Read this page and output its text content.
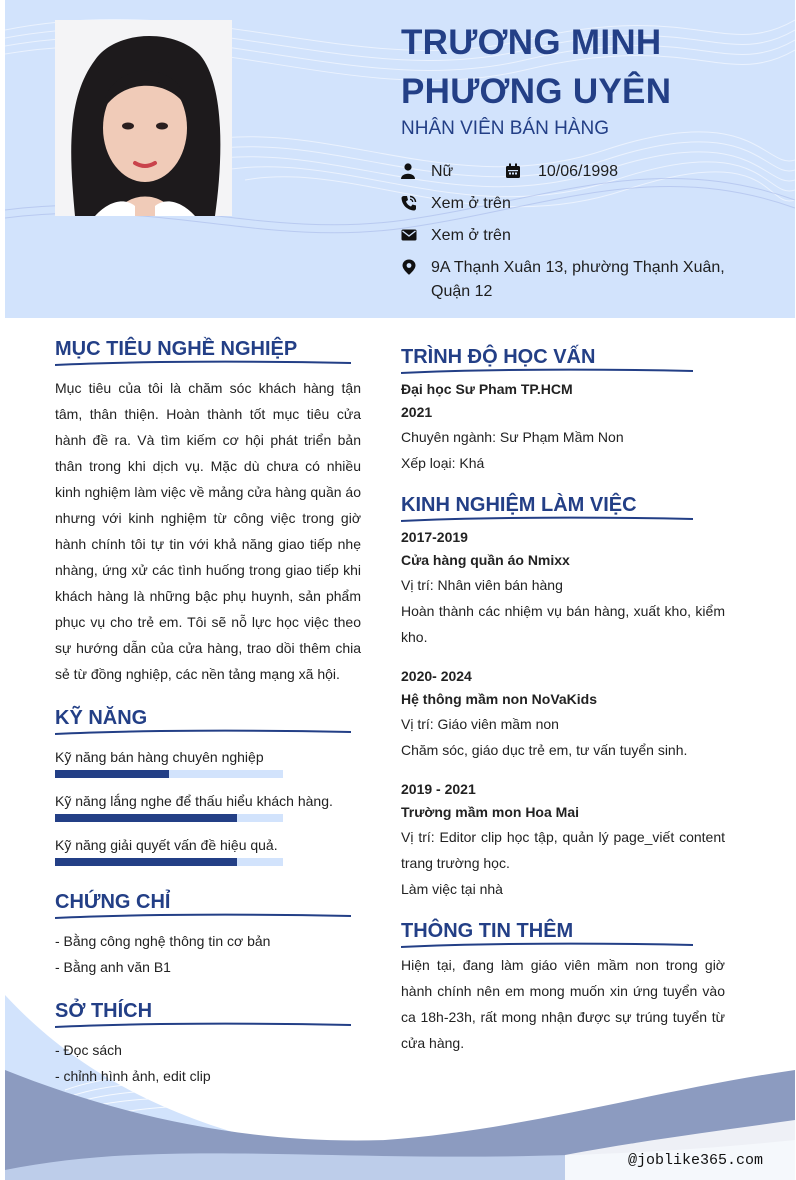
TRƯƠNG MINH PHƯƠNG UYÊN
NHÂN VIÊN BÁN HÀNG
Nữ	10/06/1998
Xem ở trên
Xem ở trên
9A Thạnh Xuân 13, phường Thạnh Xuân, Quận 12
MỤC TIÊU NGHỀ NGHIỆP

Mục tiêu của tôi là chăm sóc khách hàng tận tâm, thân thiện. Hoàn thành tốt mục tiêu cửa hành đề ra. Và tìm kiếm cơ hội phát triển bản thân trong khi dịch vụ. Mặc dù chưa có nhiều kinh nghiệm làm việc về mảng cửa hàng quần áo nhưng với kinh nghiệm từ công việc trong giờ hành chính tôi tự tin với khả năng giao tiếp nhẹ nhàng, ứng xử các tình huống trong giao tiếp khi khách hàng là những bậc phụ huynh, sản phẩm phục vụ cho trẻ em. Tôi sẽ nỗ lực học việc theo sự hướng dẫn của cửa hàng, trao dồi thêm chia sẻ từ đồng nghiệp, các nền tảng mạng xã hội.

KỸ NĂNG
Kỹ năng bán hàng chuyên nghiệp
Kỹ năng lắng nghe để thấu hiểu khách hàng.
Kỹ năng giải quyết vấn đề hiệu quả.
CHỨNG CHỈ
- Bằng công nghệ thông tin cơ bản
- Bằng anh văn B1
SỞ THÍCH
- Đọc sách
- chỉnh hình ảnh, edit clip
TRÌNH ĐỘ HỌC VẤN
Đại học Sư Pham TP.HCM
2021
Chuyên ngành: Sư Phạm Mầm Non
Xếp loại: Khá
KINH NGHIỆM LÀM VIỆC
2017-2019
Cửa hàng quần áo Nmixx
Vị trí: Nhân viên bán hàng

Hoàn thành các nhiệm vụ bán hàng, xuất kho, kiểm kho.

2020- 2024
Hệ thông mầm non NoVaKids
Vị trí: Giáo viên mầm non
Chăm sóc, giáo dục trẻ em, tư vấn tuyển sinh.
2019 - 2021
Trường mầm mon Hoa Mai

Vị trí: Editor clip học tập, quản lý page_viết content trang trường học.

Làm việc tại nhà
THÔNG TIN THÊM

Hiện tại, đang làm giáo viên mầm non trong giờ hành chính nên em mong muốn xin ứng tuyển vào ca 18h-23h, rất mong nhận được sự trúng tuyển từ cửa hàng.

@joblike365.com
